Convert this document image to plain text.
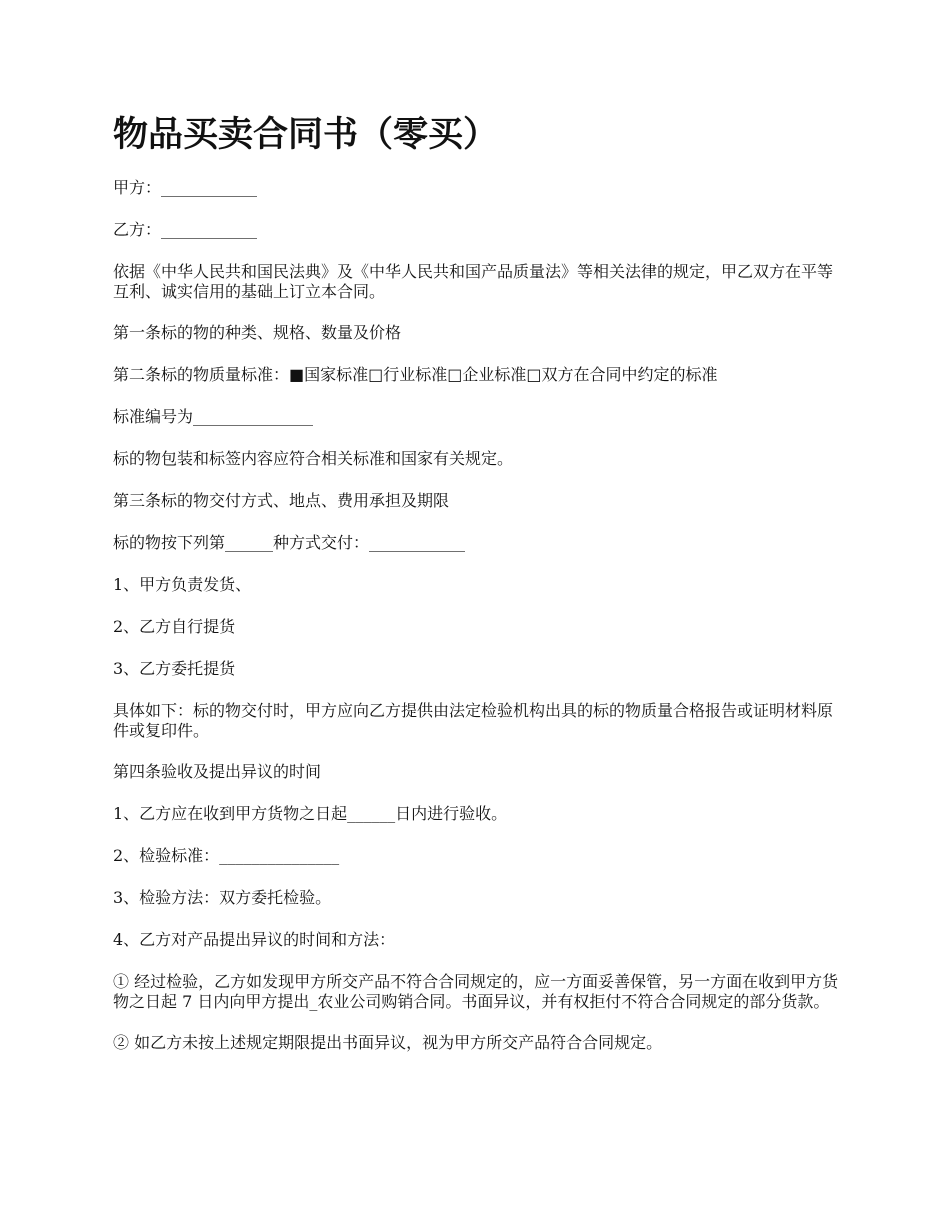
物品买卖合同书（零买）

甲方：____________

乙方：____________

依据《中华人民共和国民法典》及《中华人民共和国产品质量法》等相关法律的规定，甲乙双方在平等互利、诚实信用的基础上订立本合同。

第一条标的物的种类、规格、数量及价格

第二条标的物质量标准：■国家标准□行业标准□企业标准□双方在合同中约定的标准

标准编号为_______________

标的物包装和标签内容应符合相关标准和国家有关规定。

第三条标的物交付方式、地点、费用承担及期限

标的物按下列第______种方式交付：____________

1、甲方负责发货、

2、乙方自行提货

3、乙方委托提货

具体如下：标的物交付时，甲方应向乙方提供由法定检验机构出具的标的物质量合格报告或证明材料原件或复印件。

第四条验收及提出异议的时间

1、乙方应在收到甲方货物之日起______日内进行验收。

2、检验标准：_______________

3、检验方法：双方委托检验。

4、乙方对产品提出异议的时间和方法：

① 经过检验，乙方如发现甲方所交产品不符合合同规定的，应一方面妥善保管，另一方面在收到甲方货物之日起 7 日内向甲方提出_农业公司购销合同。书面异议，并有权拒付不符合合同规定的部分货款。

② 如乙方未按上述规定期限提出书面异议，视为甲方所交产品符合合同规定。
